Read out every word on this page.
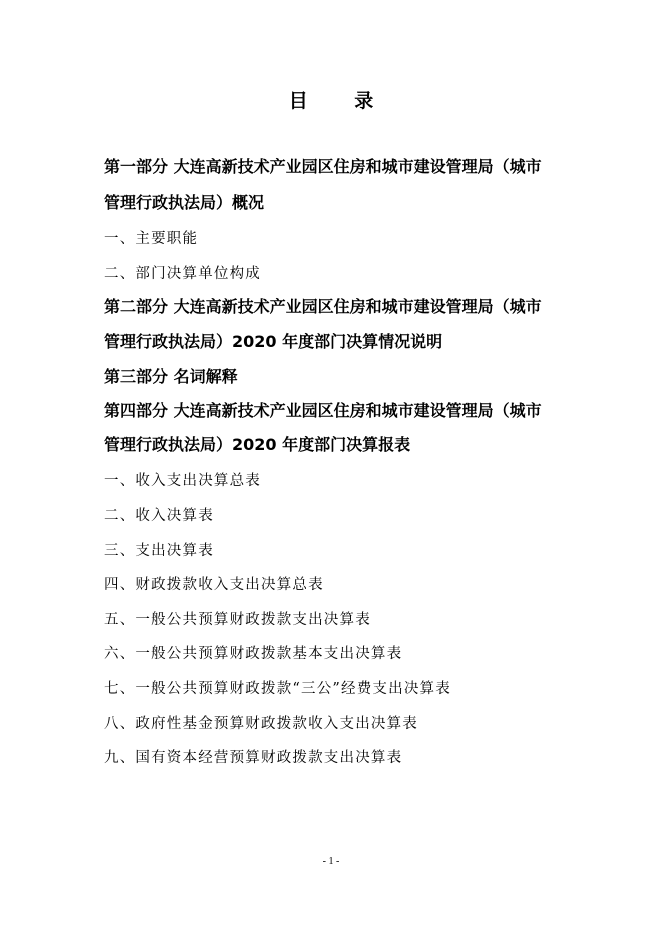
目 录
第一部分 大连高新技术产业园区住房和城市建设管理局（城市
管理行政执法局）概况
一、主要职能
二、部门决算单位构成
第二部分 大连高新技术产业园区住房和城市建设管理局（城市
管理行政执法局）2020 年度部门决算情况说明
第三部分 名词解释
第四部分 大连高新技术产业园区住房和城市建设管理局（城市
管理行政执法局）2020 年度部门决算报表
一、收入支出决算总表
二、收入决算表
三、支出决算表
四、财政拨款收入支出决算总表
五、一般公共预算财政拨款支出决算表
六、一般公共预算财政拨款基本支出决算表
七、一般公共预算财政拨款“三公”经费支出决算表
八、政府性基金预算财政拨款收入支出决算表
九、国有资本经营预算财政拨款支出决算表
- 1 -
